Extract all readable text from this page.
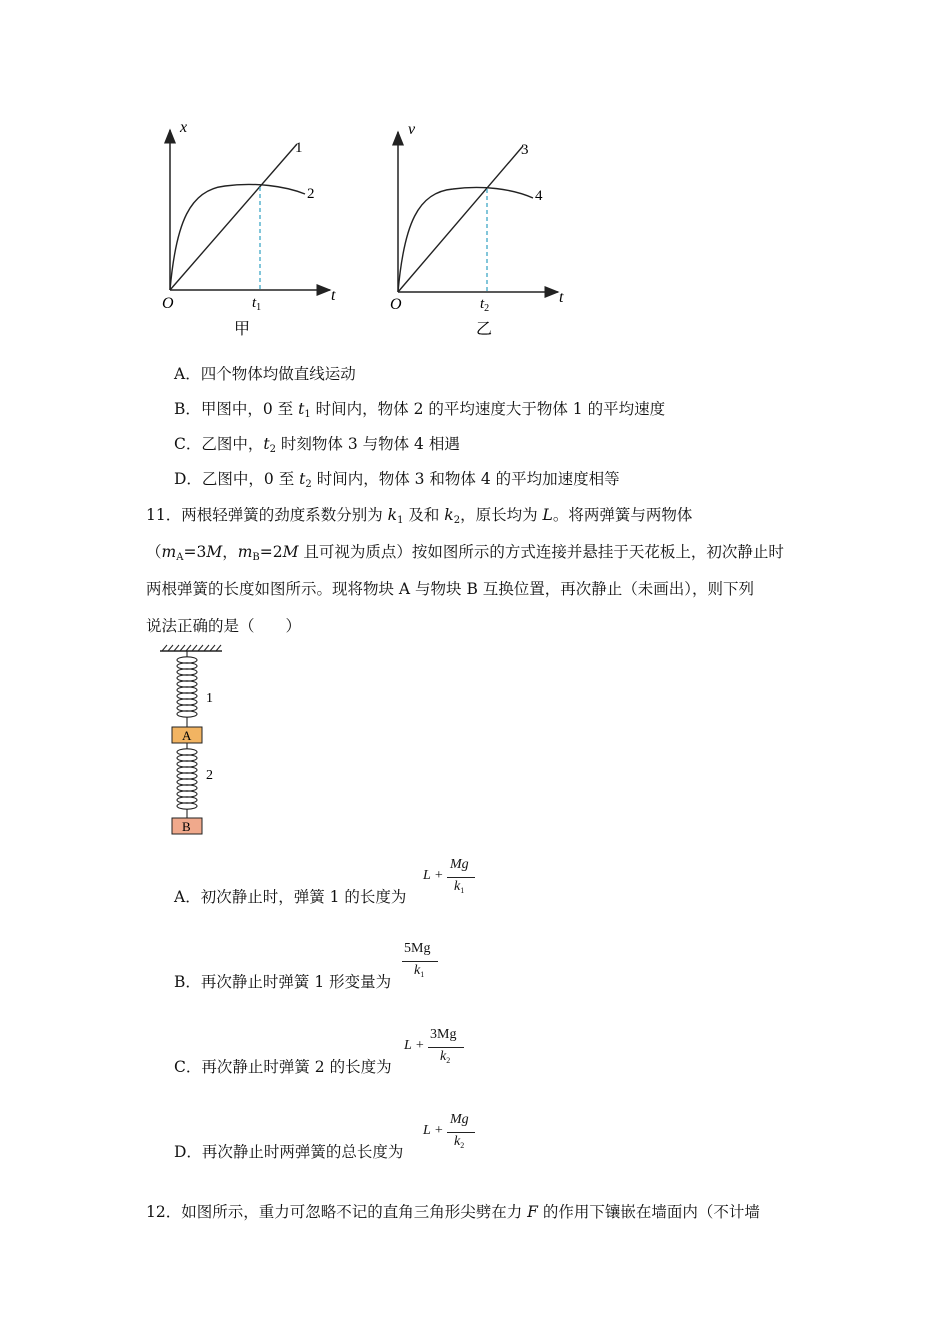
x
t
O
1
2
$t_1$
甲
v
t
O
3
4
$t_2$
乙
A．四个物体均做直线运动
B．甲图中，0 至 $t_1$ 时间内，物体 2 的平均速度大于物体 1 的平均速度
C．乙图中，$t_2$ 时刻物体 3 与物体 4 相遇
D．乙图中，0 至 $t_2$ 时间内，物体 3 和物体 4 的平均加速度相等
11．两根轻弹簧的劲度系数分别为 $k_1$ 及和 $k_2$，原长均为 L。将两弹簧与两物体
（$m_A=3M$，$m_B=2M$ 且可视为质点）按如图所示的方式连接并悬挂于天花板上，初次静止时
两根弹簧的长度如图所示。现将物块 A 与物块 B 互换位置，再次静止（未画出），则下列
说法正确的是（　　）
1
A
2
B
A．初次静止时，弹簧 1 的长度为
L +
Mg
$k_1$
B．再次静止时弹簧 1 形变量为
5Mg
$k_1$
C．再次静止时弹簧 2 的长度为
L +
3Mg
$k_2$
D．再次静止时两弹簧的总长度为
L +
Mg
$k_2$
12．如图所示，重力可忽略不记的直角三角形尖劈在力 F 的作用下镶嵌在墙面内（不计墙
